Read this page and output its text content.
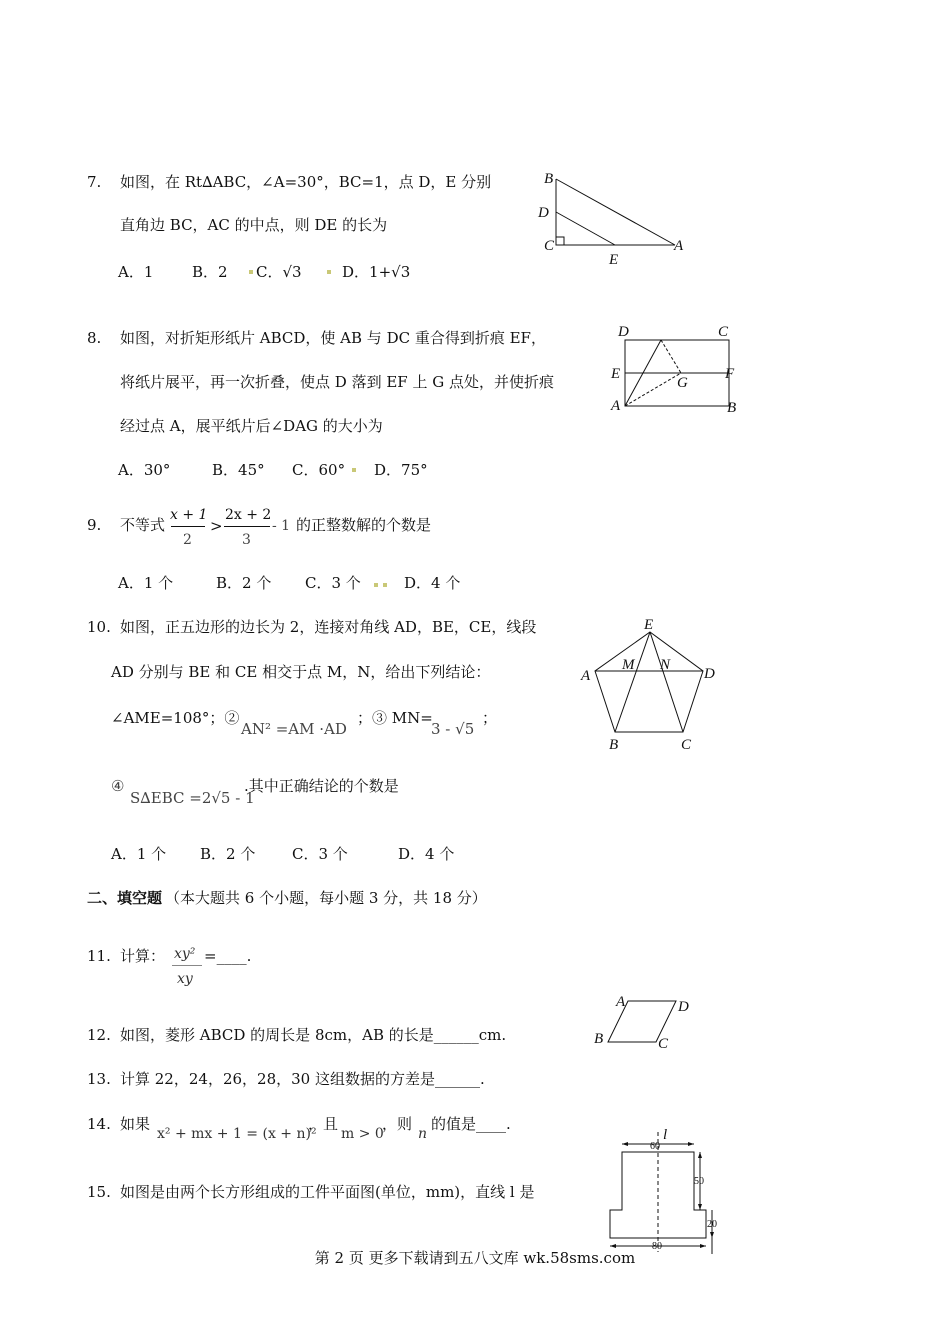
7. 如图，在 Rt∆ABC，∠A=30°，BC=1，点 D，E 分别
直角边 BC，AC 的中点，则 DE 的长为
A．1	B．2 C．√3	D．1+√3
B
D
C
E
A
8. 如图，对折矩形纸片 ABCD，使 AB 与 DC 重合得到折痕 EF，
将纸片展平，再一次折叠，使点 D 落到 EF 上 G 点处，并使折痕
经过点 A，展平纸片后∠DAG 的大小为
A．30°	B．45° C．60° D．75°
D	C
E	F
G
A	B
9. 不等式
x + 1
2
>
2x + 2
3
- 1 的正整数解的个数是
A．1 个	B．2 个 C．3 个	D．4 个
10. 如图，正五边形的边长为 2，连接对角线 AD，BE，CE，线段
AD 分别与 BE 和 CE 相交于点 M，N，给出下列结论：
∠AME=108°；②
AN² =AM ·AD
；③ MN=
3 - √5
；
④
S∆EBC =2√5 - 1
.其中正确结论的个数是
A．1 个 B．2 个 C．3 个	D．4 个
E
A
M N
D
B	C
二、填空题 （本大题共 6 个小题，每小题 3 分，共 18 分）
11. 计算： xy²
xy
=____.
12. 如图，菱形 ABCD 的周长是 8cm，AB 的长是______cm.
A	D
B	C
13. 计算 22，24，26，28，30 这组数据的方差是______.
14. 如果
x² + mx + 1 = (x + n)²
，且
m > 0
，则
n
的值是____.
15. 如图是由两个长方形组成的工件平面图(单位，mm)，直线 l 是
l
60
50
20
80
第 2 页 更多下载请到五八文库 wk.58sms.com
